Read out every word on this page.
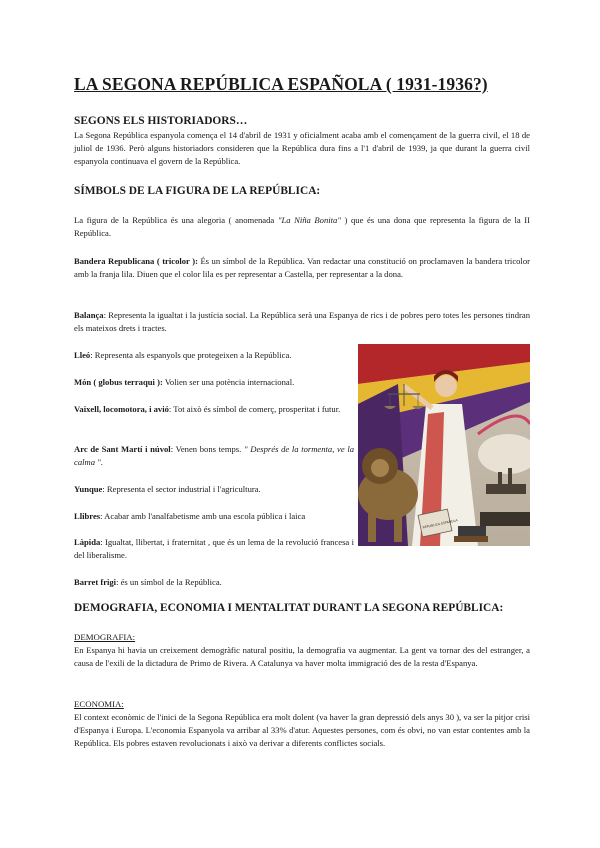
LA SEGONA REPÚBLICA ESPAÑOLA ( 1931-1936?)
SEGONS ELS HISTORIADORS…
La Segona República espanyola comença el 14 d'abril de 1931 y oficialment acaba amb el començament de la guerra civil, el 18 de juliol de 1936. Però alguns historiadors consideren que la República dura fins a l'1 d'abril de 1939, ja que durant la guerra civil espanyola continuava el govern de la República.
SÍMBOLS DE LA FIGURA DE LA REPÚBLICA:
La figura de la República és una alegoria ( anomenada "La Niña Bonita" ) que és una dona que representa la figura de la II República.
Bandera Republicana ( tricolor ): És un símbol de la República. Van redactar una constitució on proclamaven la bandera tricolor amb la franja lila. Diuen que el color lila es per representar a Castella, per representar a la dona.
Balança: Representa la igualtat i la justícia social. La República serà una Espanya de rics i de pobres pero totes les persones tindran els mateixos drets i tractes.
Lleó: Representa als espanyols que protegeixen a la República.
Món ( globus terraqui ): Volien ser una potència internacional.
Vaixell, locomotora, i avió: Tot això és símbol de comerç, prosperitat i futur.
Arc de Sant Martí i núvol: Venen bons temps. " Després de la tormenta, ve la calma ".
Yunque: Representa el sector industrial i l'agricultura.
Llibres: Acabar amb l'analfabetisme amb una escola pública i laica
Làpida: Igualtat, llibertat, i fraternitat , que és un lema de la revolució francesa i del liberalisme.
Barret frigi: és un símbol de la República.
DEMOGRAFIA, ECONOMIA I MENTALITAT DURANT LA SEGONA REPÚBLICA:
DEMOGRAFIA:
En Espanya hi havia un creixement demogràfic natural positiu, la demografia va augmentar. La gent va tornar des del estranger, a causa de l'exili de la dictadura de Primo de Rivera. A Catalunya va haver molta immigració des de la resta d'Espanya.
ECONOMIA:
El context econòmic de l'inici de la Segona República era molt dolent (va haver la gran depressió dels anys 30 ), va ser la pitjor crisi d'Espanya i Europa. L'economia Espanyola va arribar al 33% d'atur. Aquestes persones, com és obvi, no van estar contentes amb la República. Els pobres estaven revolucionats i això va derivar a diferents conflictes socials.
REPUBLICA ESPAÑOLA
